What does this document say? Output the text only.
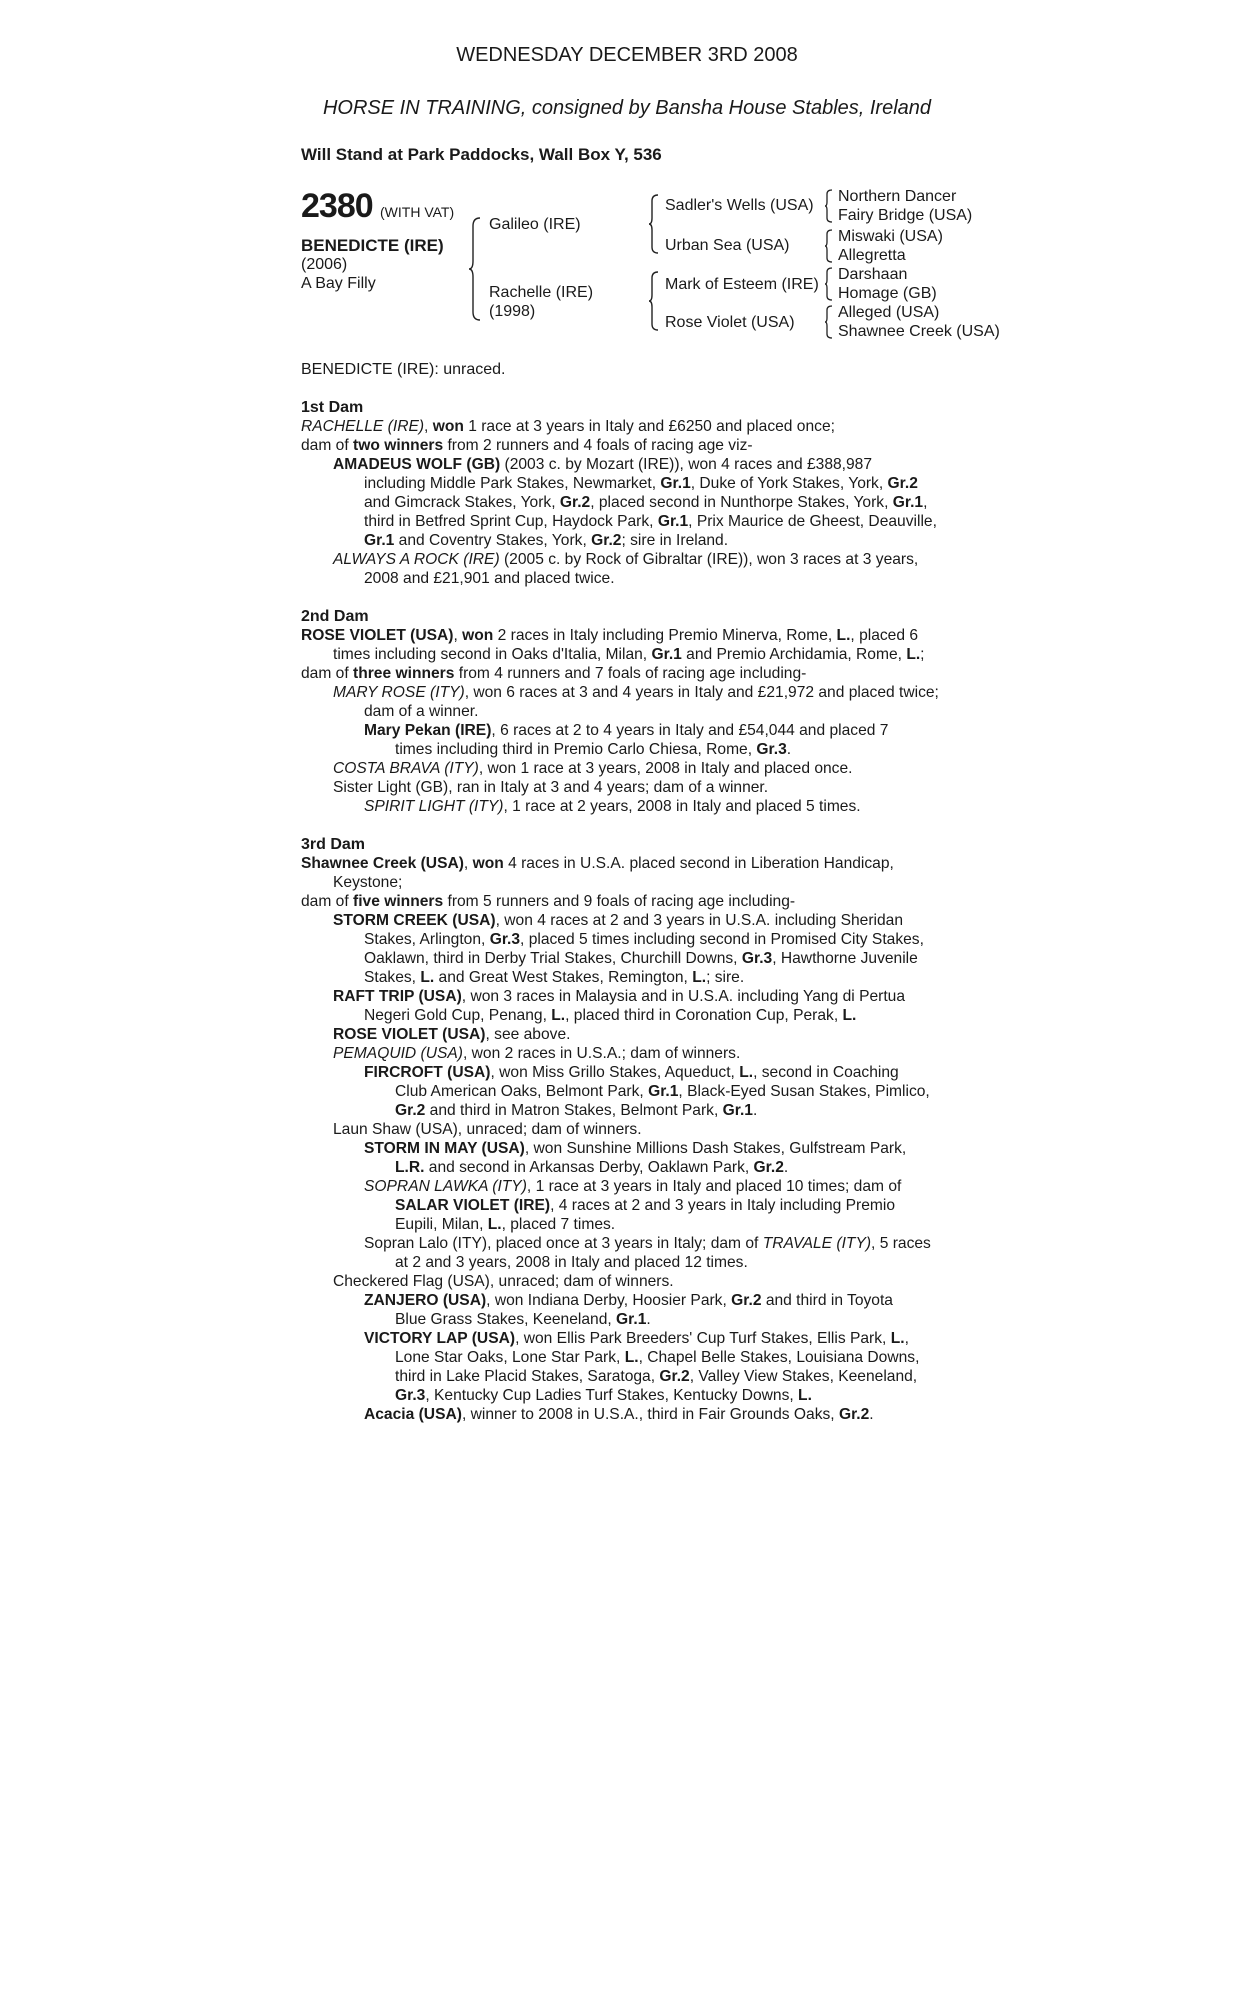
WEDNESDAY DECEMBER 3RD 2008
HORSE IN TRAINING, consigned by Bansha House Stables, Ireland
Will Stand at Park Paddocks, Wall Box Y, 536
2380 (WITH VAT)
BENEDICTE (IRE)
(2006)
A Bay Filly
Galileo (IRE)
Rachelle (IRE)
(1998)
Sadler's Wells (USA)
Urban Sea (USA)
Mark of Esteem (IRE)
Rose Violet (USA)
Northern Dancer
Fairy Bridge (USA)
Miswaki (USA)
Allegretta
Darshaan
Homage (GB)
Alleged (USA)
Shawnee Creek (USA)
BENEDICTE (IRE): unraced.
1st Dam
RACHELLE (IRE), won 1 race at 3 years in Italy and £6250 and placed once;
dam of two winners from 2 runners and 4 foals of racing age viz-
AMADEUS WOLF (GB) (2003 c. by Mozart (IRE)), won 4 races and £388,987
including Middle Park Stakes, Newmarket, Gr.1, Duke of York Stakes, York, Gr.2
and Gimcrack Stakes, York, Gr.2, placed second in Nunthorpe Stakes, York, Gr.1,
third in Betfred Sprint Cup, Haydock Park, Gr.1, Prix Maurice de Gheest, Deauville,
Gr.1 and Coventry Stakes, York, Gr.2; sire in Ireland.
ALWAYS A ROCK (IRE) (2005 c. by Rock of Gibraltar (IRE)), won 3 races at 3 years,
2008 and £21,901 and placed twice.
2nd Dam
ROSE VIOLET (USA), won 2 races in Italy including Premio Minerva, Rome, L., placed 6
times including second in Oaks d'Italia, Milan, Gr.1 and Premio Archidamia, Rome, L.;
dam of three winners from 4 runners and 7 foals of racing age including-
MARY ROSE (ITY), won 6 races at 3 and 4 years in Italy and £21,972 and placed twice;
dam of a winner.
Mary Pekan (IRE), 6 races at 2 to 4 years in Italy and £54,044 and placed 7
times including third in Premio Carlo Chiesa, Rome, Gr.3.
COSTA BRAVA (ITY), won 1 race at 3 years, 2008 in Italy and placed once.
Sister Light (GB), ran in Italy at 3 and 4 years; dam of a winner.
SPIRIT LIGHT (ITY), 1 race at 2 years, 2008 in Italy and placed 5 times.
3rd Dam
Shawnee Creek (USA), won 4 races in U.S.A. placed second in Liberation Handicap,
Keystone;
dam of five winners from 5 runners and 9 foals of racing age including-
STORM CREEK (USA), won 4 races at 2 and 3 years in U.S.A. including Sheridan
Stakes, Arlington, Gr.3, placed 5 times including second in Promised City Stakes,
Oaklawn, third in Derby Trial Stakes, Churchill Downs, Gr.3, Hawthorne Juvenile
Stakes, L. and Great West Stakes, Remington, L.; sire.
RAFT TRIP (USA), won 3 races in Malaysia and in U.S.A. including Yang di Pertua
Negeri Gold Cup, Penang, L., placed third in Coronation Cup, Perak, L.
ROSE VIOLET (USA), see above.
PEMAQUID (USA), won 2 races in U.S.A.; dam of winners.
FIRCROFT (USA), won Miss Grillo Stakes, Aqueduct, L., second in Coaching
Club American Oaks, Belmont Park, Gr.1, Black-Eyed Susan Stakes, Pimlico,
Gr.2 and third in Matron Stakes, Belmont Park, Gr.1.
Laun Shaw (USA), unraced; dam of winners.
STORM IN MAY (USA), won Sunshine Millions Dash Stakes, Gulfstream Park,
L.R. and second in Arkansas Derby, Oaklawn Park, Gr.2.
SOPRAN LAWKA (ITY), 1 race at 3 years in Italy and placed 10 times; dam of
SALAR VIOLET (IRE), 4 races at 2 and 3 years in Italy including Premio
Eupili, Milan, L., placed 7 times.
Sopran Lalo (ITY), placed once at 3 years in Italy; dam of TRAVALE (ITY), 5 races
at 2 and 3 years, 2008 in Italy and placed 12 times.
Checkered Flag (USA), unraced; dam of winners.
ZANJERO (USA), won Indiana Derby, Hoosier Park, Gr.2 and third in Toyota
Blue Grass Stakes, Keeneland, Gr.1.
VICTORY LAP (USA), won Ellis Park Breeders' Cup Turf Stakes, Ellis Park, L.,
Lone Star Oaks, Lone Star Park, L., Chapel Belle Stakes, Louisiana Downs,
third in Lake Placid Stakes, Saratoga, Gr.2, Valley View Stakes, Keeneland,
Gr.3, Kentucky Cup Ladies Turf Stakes, Kentucky Downs, L.
Acacia (USA), winner to 2008 in U.S.A., third in Fair Grounds Oaks, Gr.2.
